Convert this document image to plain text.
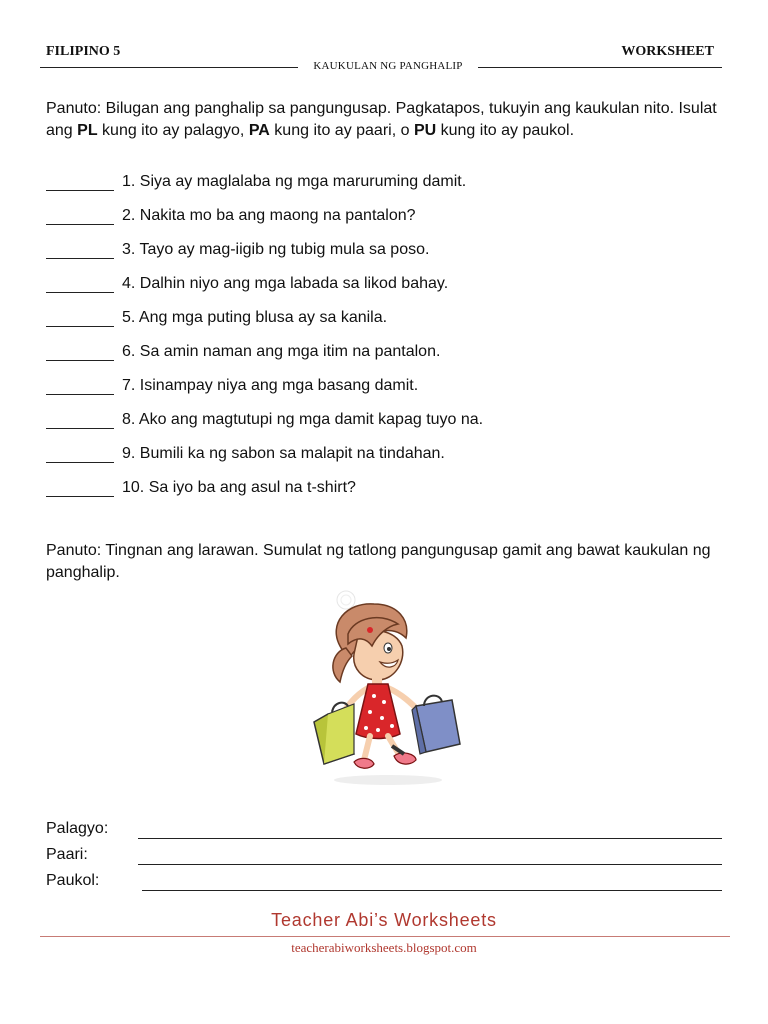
FILIPINO 5	WORKSHEET
KAUKULAN NG PANGHALIP
Panuto: Bilugan ang panghalip sa pangungusap. Pagkatapos, tukuyin ang kaukulan nito. Isulat ang PL kung ito ay palagyo, PA kung ito ay paari, o PU kung ito ay paukol.
1. Siya ay maglalaba ng mga maruruming damit.
2. Nakita mo ba ang maong na pantalon?
3. Tayo ay mag-iigib ng tubig mula sa poso.
4. Dalhin niyo ang mga labada sa likod bahay.
5. Ang mga puting blusa ay sa kanila.
6. Sa amin naman ang mga itim na pantalon.
7. Isinampay niya ang mga basang damit.
8. Ako ang magtutupi ng mga damit kapag tuyo na.
9. Bumili ka ng sabon sa malapit na tindahan.
10. Sa iyo ba ang asul na t-shirt?
Panuto: Tingnan ang larawan. Sumulat ng tatlong pangungusap gamit ang bawat kaukulan ng panghalip.
Palagyo:
Paari:
Paukol:
Teacher Abi’s Worksheets
teacherabiworksheets.blogspot.com
